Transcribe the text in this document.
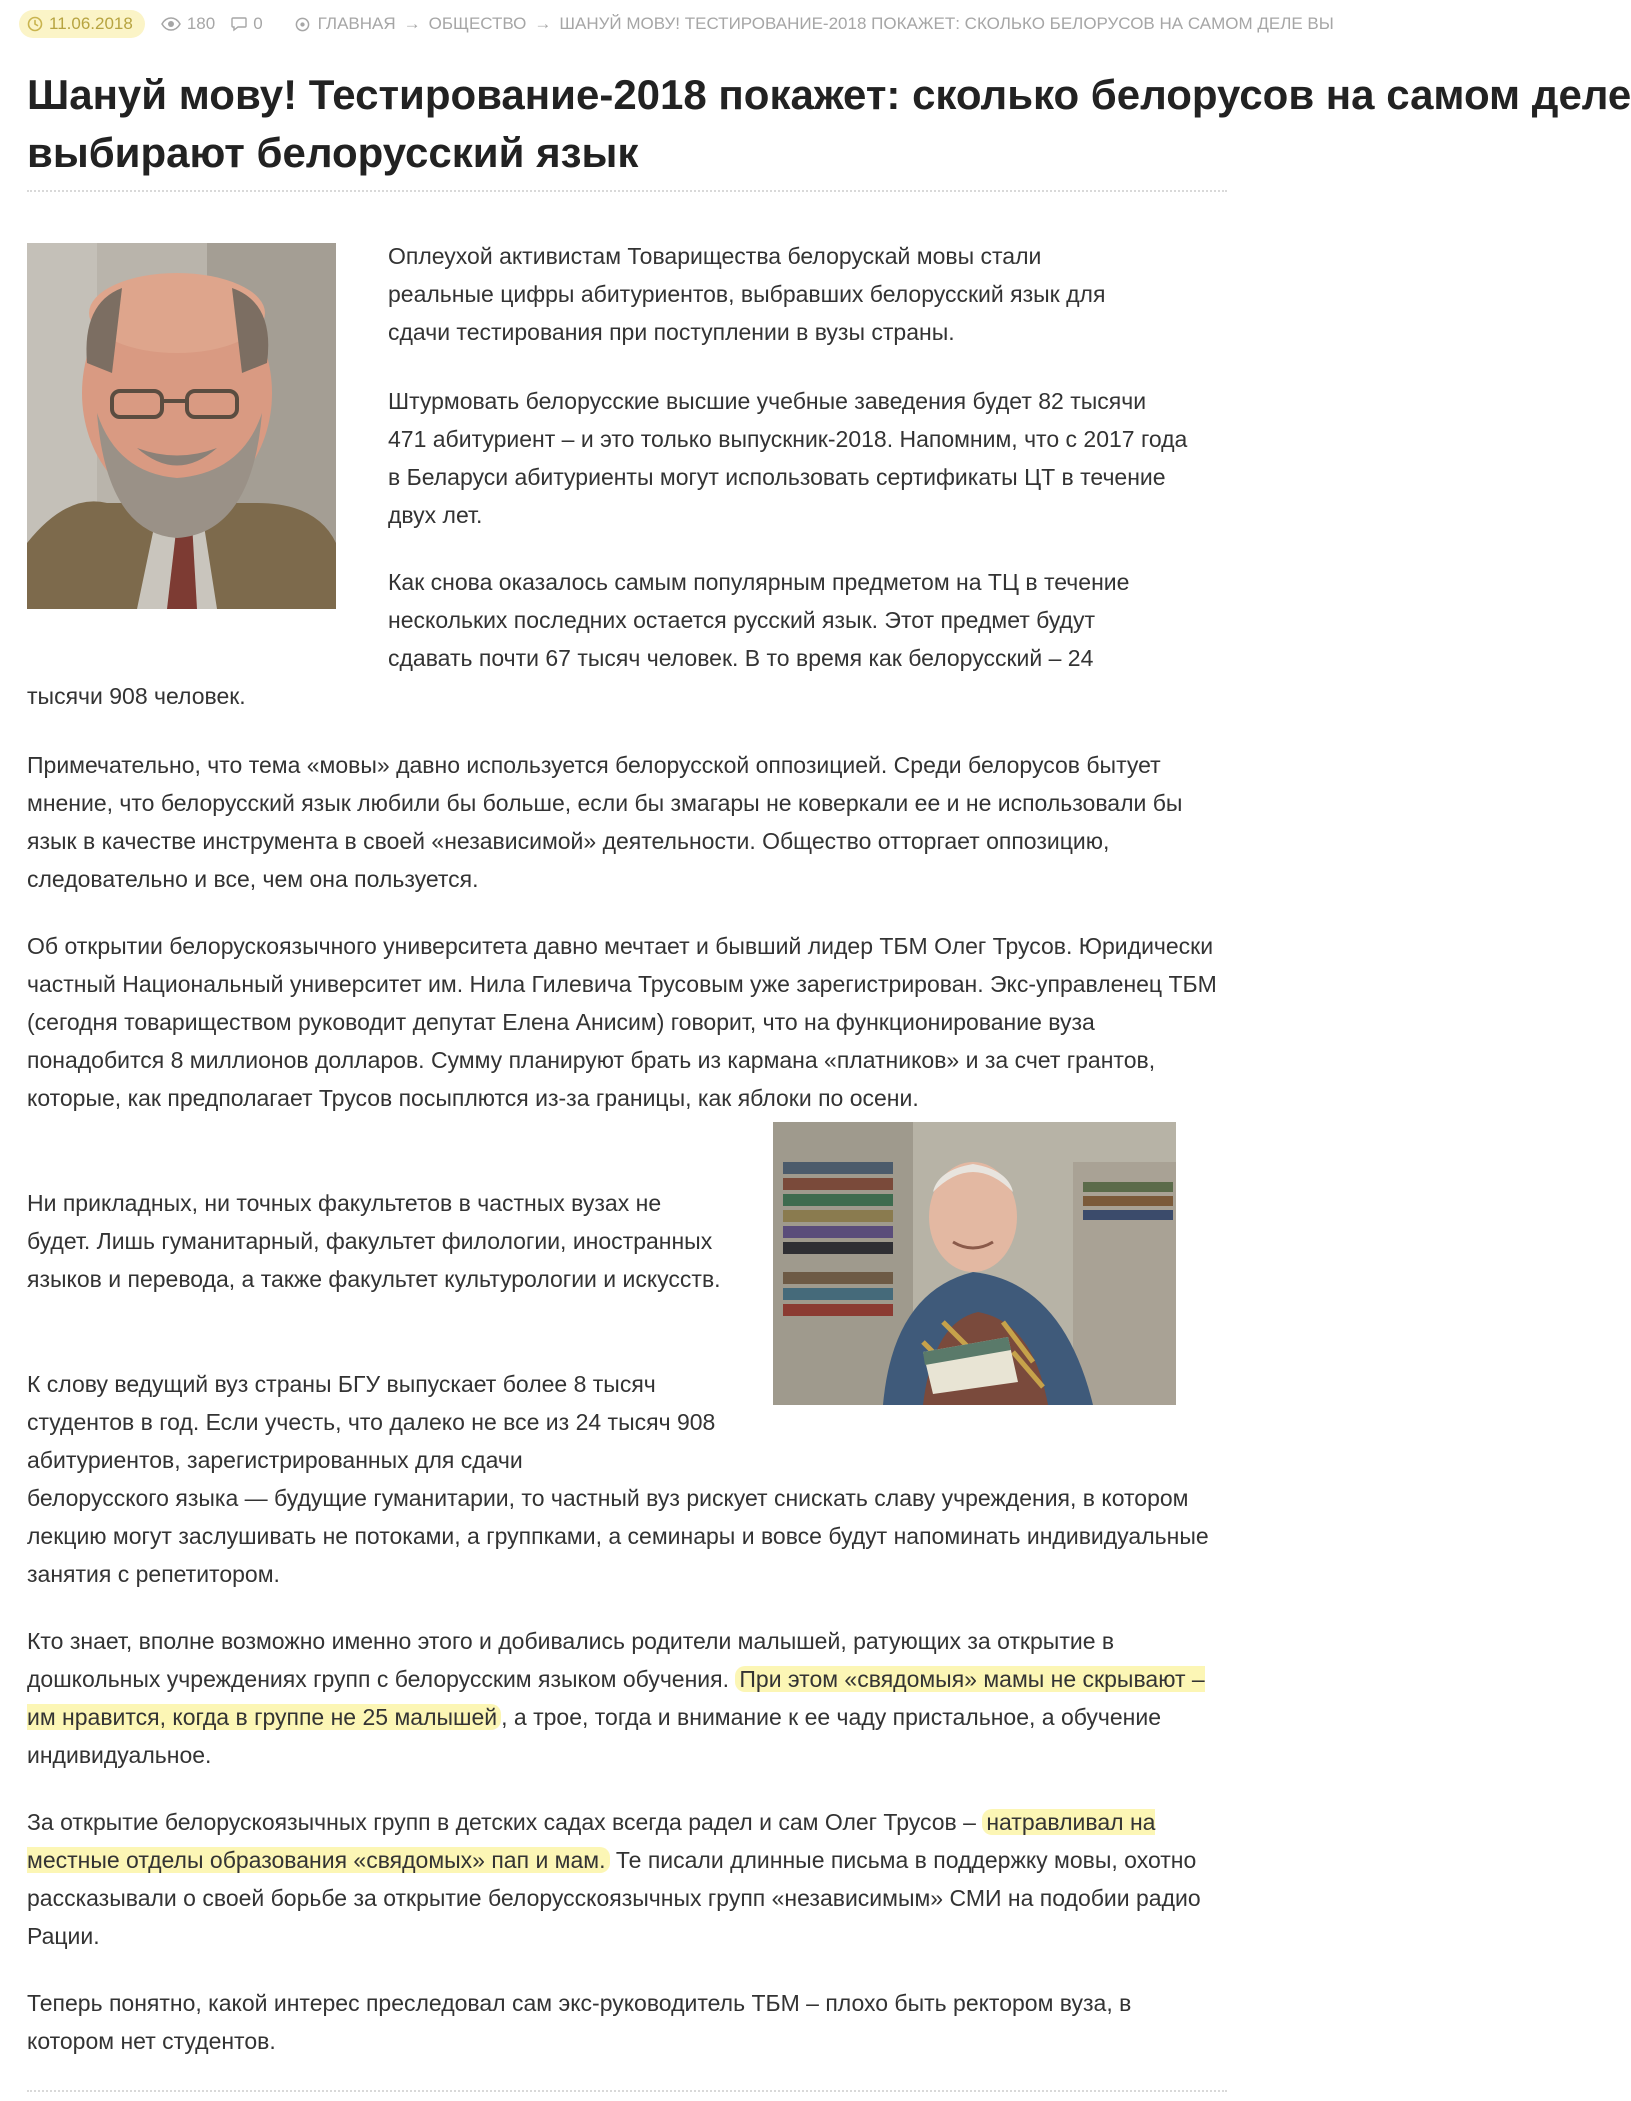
11.06.2018	180 0	ГЛАВНАЯ → ОБЩЕСТВО → ШАНУЙ МОВУ! ТЕСТИРОВАНИЕ-2018 ПОКАЖЕТ: СКОЛЬКО БЕЛОРУСОВ НА САМОМ ДЕЛЕ ВЫ
Шануй мову! Тестирование-2018 покажет: сколько белорусов на самом деле
выбирают белорусский язык

Оплеухой активистам Товарищества белорускай мовы стали реальные цифры абитуриентов, выбравших белорусский язык для сдачи тестирования при поступлении в вузы страны.

Штурмовать белорусские высшие учебные заведения будет 82 тысячи 471 абитуриент – и это только выпускник-2018. Напомним, что с 2017 года в Беларуси абитуриенты могут использовать сертификаты ЦТ в течение двух лет.

Как снова оказалось самым популярным предметом на ТЦ в течение нескольких последних остается русский язык. Этот предмет будут сдавать почти 67 тысяч человек. В то время как белорусский – 24

тысячи 908 человек.

Примечательно, что тема «мовы» давно используется белорусской оппозицией. Среди белорусов бытует мнение, что белорусский язык любили бы больше, если бы змагары не коверкали ее и не использовали бы язык в качестве инструмента в своей «независимой» деятельности. Общество отторгает оппозицию, следовательно и все, чем она пользуется.

Об открытии белорускоязычного университета давно мечтает и бывший лидер ТБМ Олег Трусов. Юридически частный Национальный университет им. Нила Гилевича Трусовым уже зарегистрирован. Экс-управленец ТБМ (сегодня товариществом руководит депутат Елена Анисим) говорит, что на функционирование вуза понадобится 8 миллионов долларов. Сумму планируют брать из кармана «платников» и за счет грантов, которые, как предполагает Трусов посыплются из-за границы, как яблоки по осени.

Ни прикладных, ни точных факультетов в частных вузах не будет. Лишь гуманитарный, факультет филологии, иностранных языков и перевода, а также факультет культурологии и искусств.

К слову ведущий вуз страны БГУ выпускает более 8 тысяч студентов в год. Если учесть, что далеко не все из 24 тысяч 908 абитуриентов, зарегистрированных для сдачи

белорусского языка — будущие гуманитарии, то частный вуз рискует снискать славу учреждения, в котором лекцию могут заслушивать не потоками, а группками, а семинары и вовсе будут напоминать индивидуальные занятия с репетитором.

Кто знает, вполне возможно именно этого и добивались родители малышей, ратующих за открытие в дошкольных учреждениях групп с белорусским языком обучения. При этом «свядомыя» мамы не скрывают – им нравится, когда в группе не 25 малышей , а трое, тогда и внимание к ее чаду пристальное, а обучение индивидуальное.

За открытие белорускоязычных групп в детских садах всегда радел и сам Олег Трусов – натравливал на местные отделы образования «свядомых» пап и мам. Те писали длинные письма в поддержку мовы, охотно рассказывали о своей борьбе за открытие белорусскоязычных групп «независимым» СМИ на подобии радио Рации.

Теперь понятно, какой интерес преследовал сам экс-руководитель ТБМ – плохо быть ректором вуза, в котором нет студентов.
